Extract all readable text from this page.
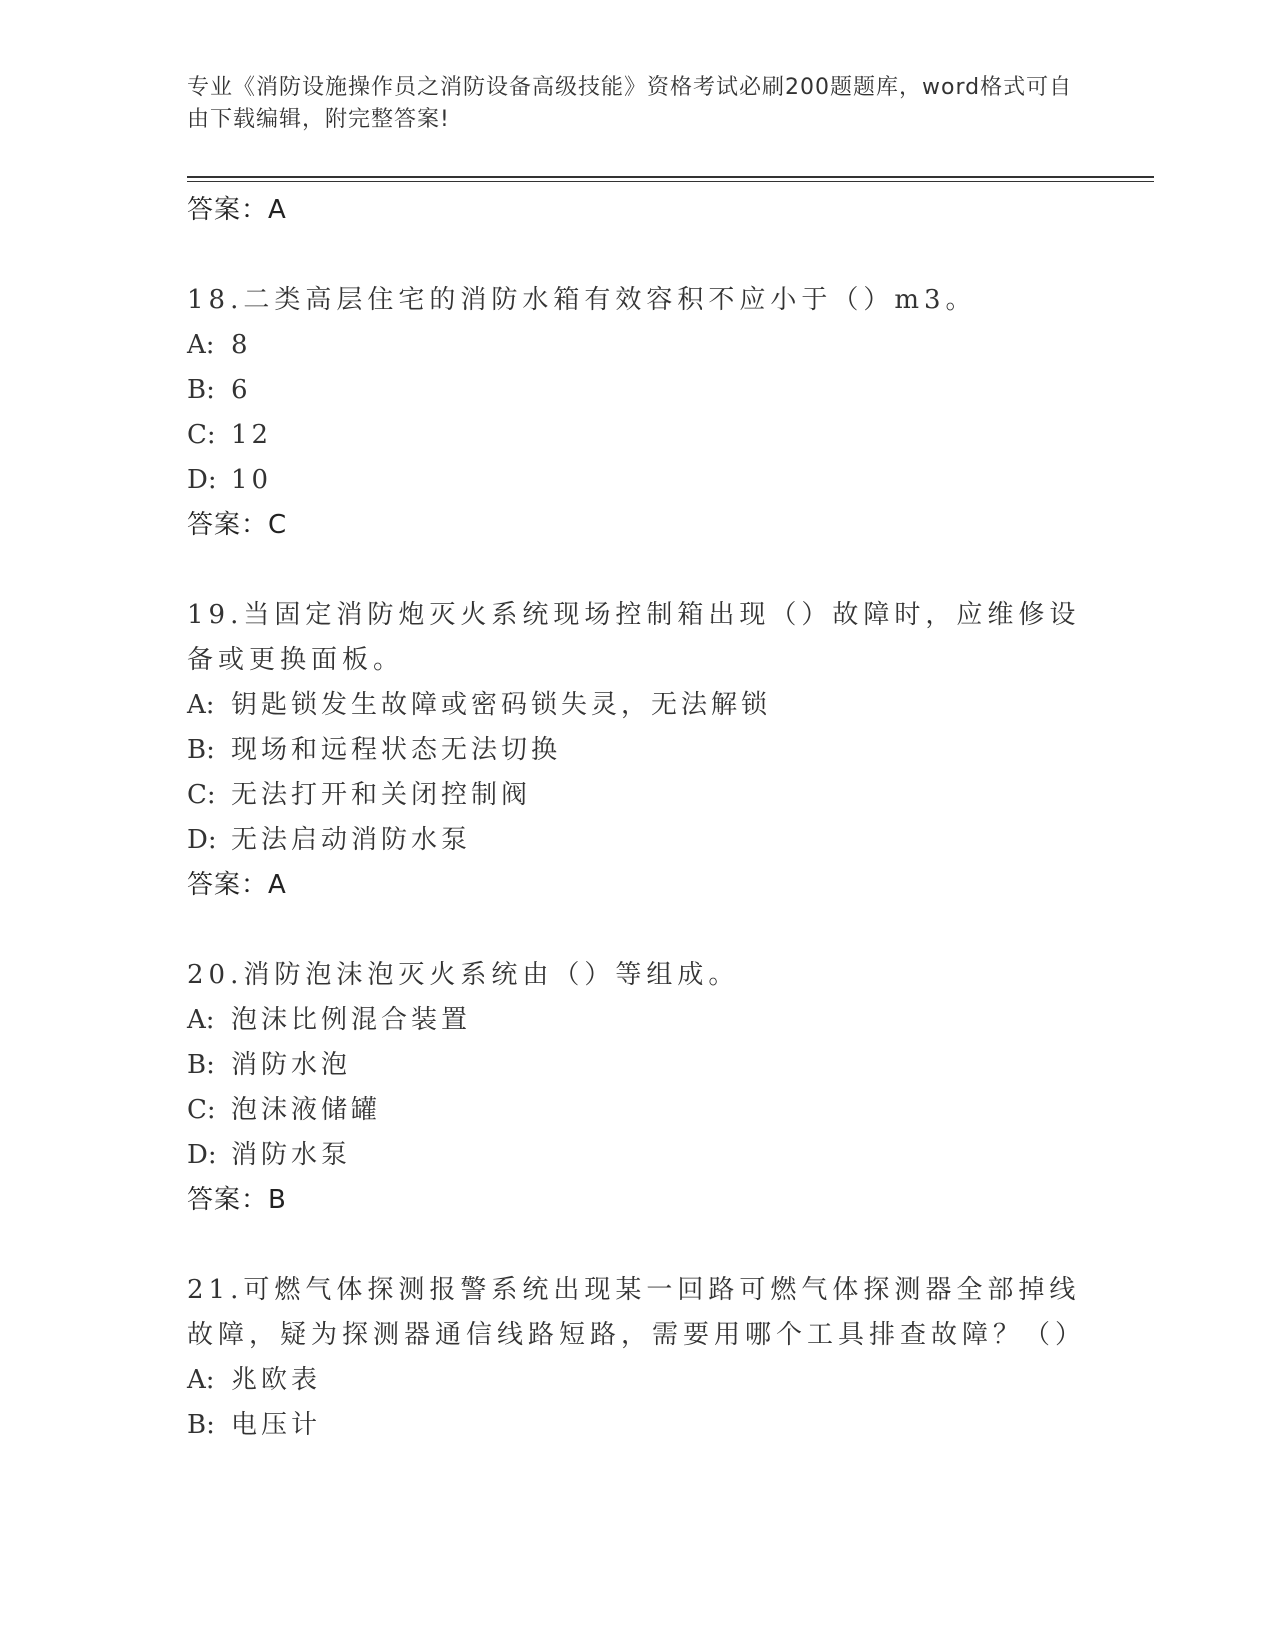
专业《消防设施操作员之消防设备高级技能》资格考试必刷200题题库，word格式可自由下载编辑，附完整答案!
答案：A
18.二类高层住宅的消防水箱有效容积不应小于（）m3。
A: 8
B: 6
C: 12
D: 10
答案：C
19.当固定消防炮灭火系统现场控制箱出现（）故障时，应维修设备或更换面板。
A: 钥匙锁发生故障或密码锁失灵，无法解锁
B: 现场和远程状态无法切换
C: 无法打开和关闭控制阀
D: 无法启动消防水泵
答案：A
20.消防泡沫泡灭火系统由（）等组成。
A: 泡沫比例混合装置
B: 消防水泡
C: 泡沫液储罐
D: 消防水泵
答案：B
21.可燃气体探测报警系统出现某一回路可燃气体探测器全部掉线故障，疑为探测器通信线路短路，需要用哪个工具排查故障？（）
A: 兆欧表
B: 电压计
